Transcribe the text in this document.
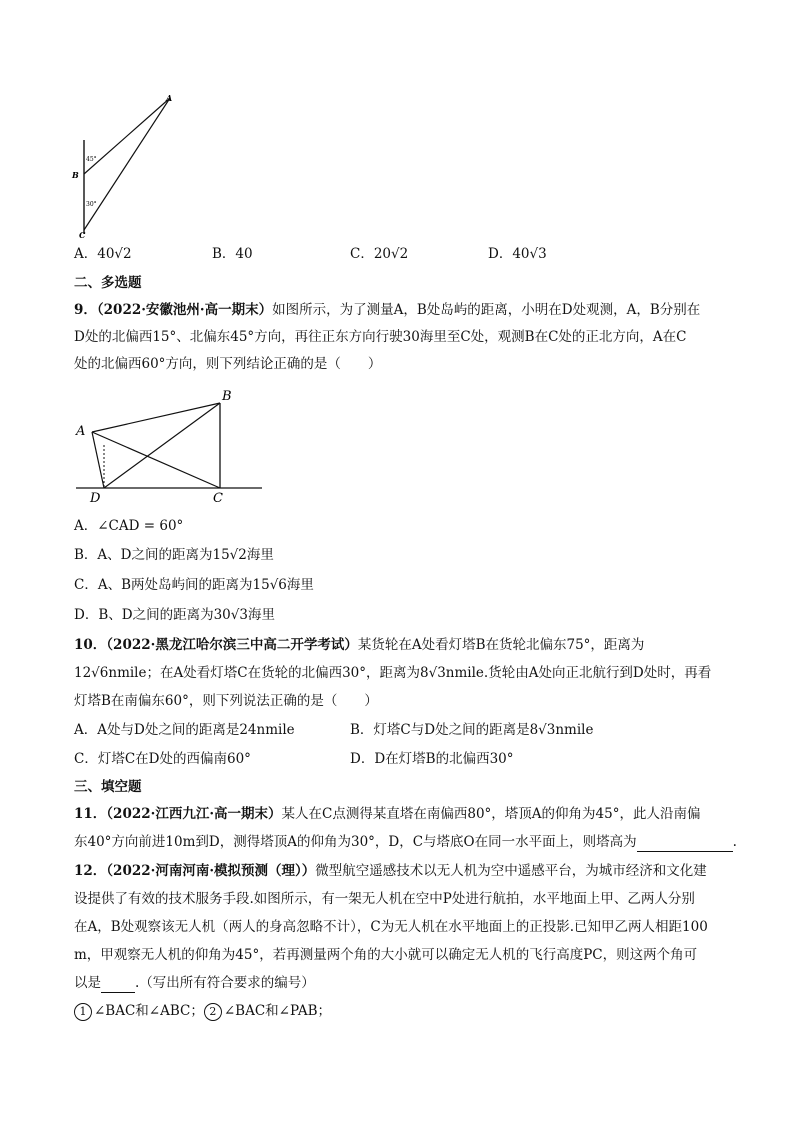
A
B
C
45°
30°
A．40√2	B．40	C．20√2	D．40√3
二、多选题
9．（2022·安徽池州·高一期末）如图所示，为了测量A，B处岛屿的距离，小明在D处观测，A，B分别在
D处的北偏西15°、北偏东45°方向，再往正东方向行驶30海里至C处，观测B在C处的正北方向，A在C
处的北偏西60°方向，则下列结论正确的是（　　）
A
B
C
D
A．∠CAD = 60°
B．A、D之间的距离为15√2海里
C．A、B两处岛屿间的距离为15√6海里
D．B、D之间的距离为30√3海里
10．（2022·黑龙江哈尔滨三中高二开学考试）某货轮在A处看灯塔B在货轮北偏东75°，距离为
12√6nmile；在A处看灯塔C在货轮的北偏西30°，距离为8√3nmile.货轮由A处向正北航行到D处时，再看
灯塔B在南偏东60°，则下列说法正确的是（　　）
A．A处与D处之间的距离是24nmile	B．灯塔C与D处之间的距离是8√3nmile
C．灯塔C在D处的西偏南60°	D．D在灯塔B的北偏西30°
三、填空题
11．（2022·江西九江·高一期末）某人在C点测得某直塔在南偏西80°，塔顶A的仰角为45°，此人沿南偏
东40°方向前进10m到D，测得塔顶A的仰角为30°，D，C与塔底O在同一水平面上，则塔高为	.
12．（2022·河南河南·模拟预测（理））微型航空遥感技术以无人机为空中遥感平台，为城市经济和文化建
设提供了有效的技术服务手段.如图所示，有一架无人机在空中P处进行航拍，水平地面上甲、乙两人分别
在A，B处观察该无人机（两人的身高忽略不计），C为无人机在水平地面上的正投影.已知甲乙两人相距100
m，甲观察无人机的仰角为45°，若再测量两个角的大小就可以确定无人机的飞行高度PC，则这两个角可
以是	.（写出所有符合要求的编号）
1 ∠BAC和∠ABC； 2 ∠BAC和∠PAB；
